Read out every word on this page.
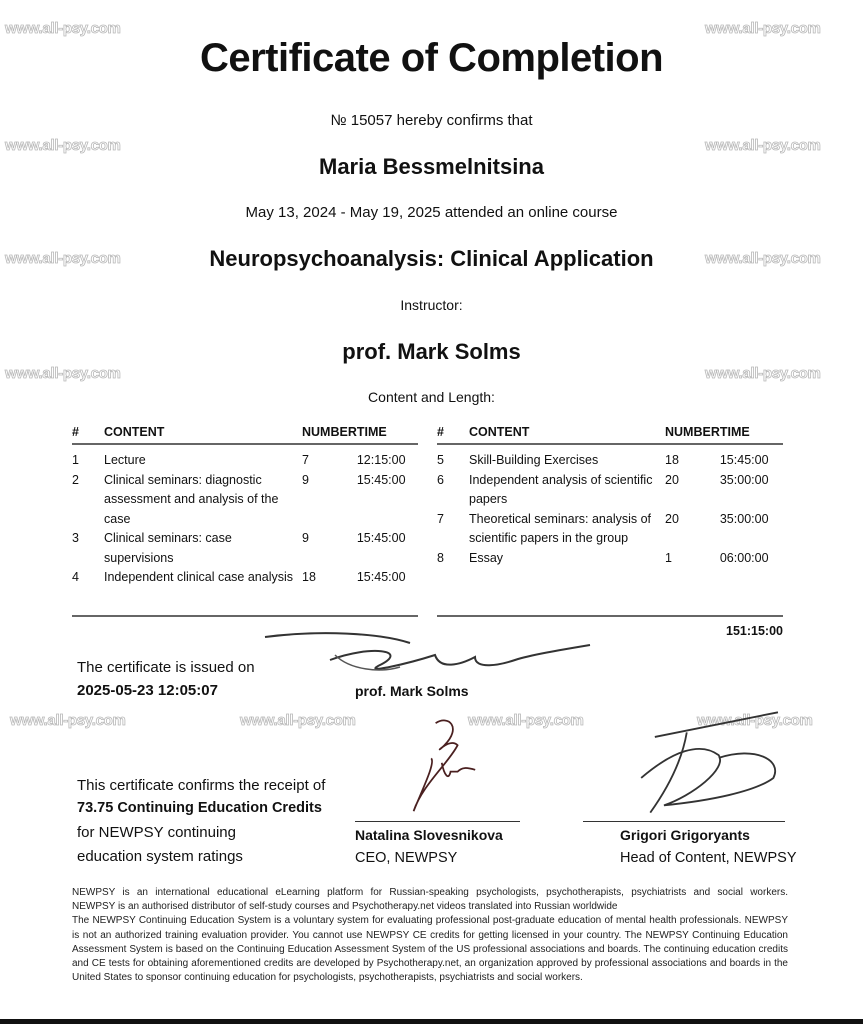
www.all-psy.com	www.all-psy.com
www.all-psy.com	www.all-psy.com
www.all-psy.com	www.all-psy.com
www.all-psy.com	www.all-psy.com
www.all-psy.com	www.all-psy.com	www.all-psy.com	www.all-psy.com
Certificate of Completion
№ 15057 hereby confirms that
Maria Bessmelnitsina
May 13, 2024 - May 19, 2025 attended an online course
Neuropsychoanalysis: Clinical Application
Instructor:
prof. Mark Solms
Content and Length:
#	CONTENT	NUMBER	TIME
1	Lecture	7	12:15:00
2	Clinical seminars: diagnostic assessment and analysis of the case	9	15:45:00
3	Clinical seminars: case supervisions	9	15:45:00
4	Independent clinical case analysis	18	15:45:00
#	CONTENT	NUMBER	TIME
5	Skill-Building Exercises	18	15:45:00
6	Independent analysis of scientific papers	20	35:00:00
7	Theoretical seminars: analysis of scientific papers in the group	20	35:00:00
8	Essay	1	06:00:00
151:15:00
The certificate is issued on
2025-05-23 12:05:07	prof. Mark Solms
This certificate confirms the receipt of
73.75 Continuing Education Credits
for NEWPSY continuing
education system ratings
Natalina Slovesnikova
CEO, NEWPSY
Grigori Grigoryants
Head of Content, NEWPSY

NEWPSY is an international educational eLearning platform for Russian-speaking psychologists, psychotherapists, psychiatrists and social workers.

NEWPSY is an authorised distributor of self-study courses and Psychotherapy.net videos translated into Russian worldwide

The NEWPSY Continuing Education System is a voluntary system for evaluating professional post-graduate education of mental health professionals. NEWPSY is not an authorized training evaluation provider. You cannot use NEWPSY CE credits for getting licensed in your country. The NEWPSY Continuing Education Assessment System is based on the Continuing Education Assessment System of the US professional associations and boards. The continuing education credits and CE tests for obtaining aforementioned credits are developed by Psychotherapy.net, an organization approved by professional associations and boards in the United States to sponsor continuing education for psychologists, psychotherapists, psychiatrists and social workers.
